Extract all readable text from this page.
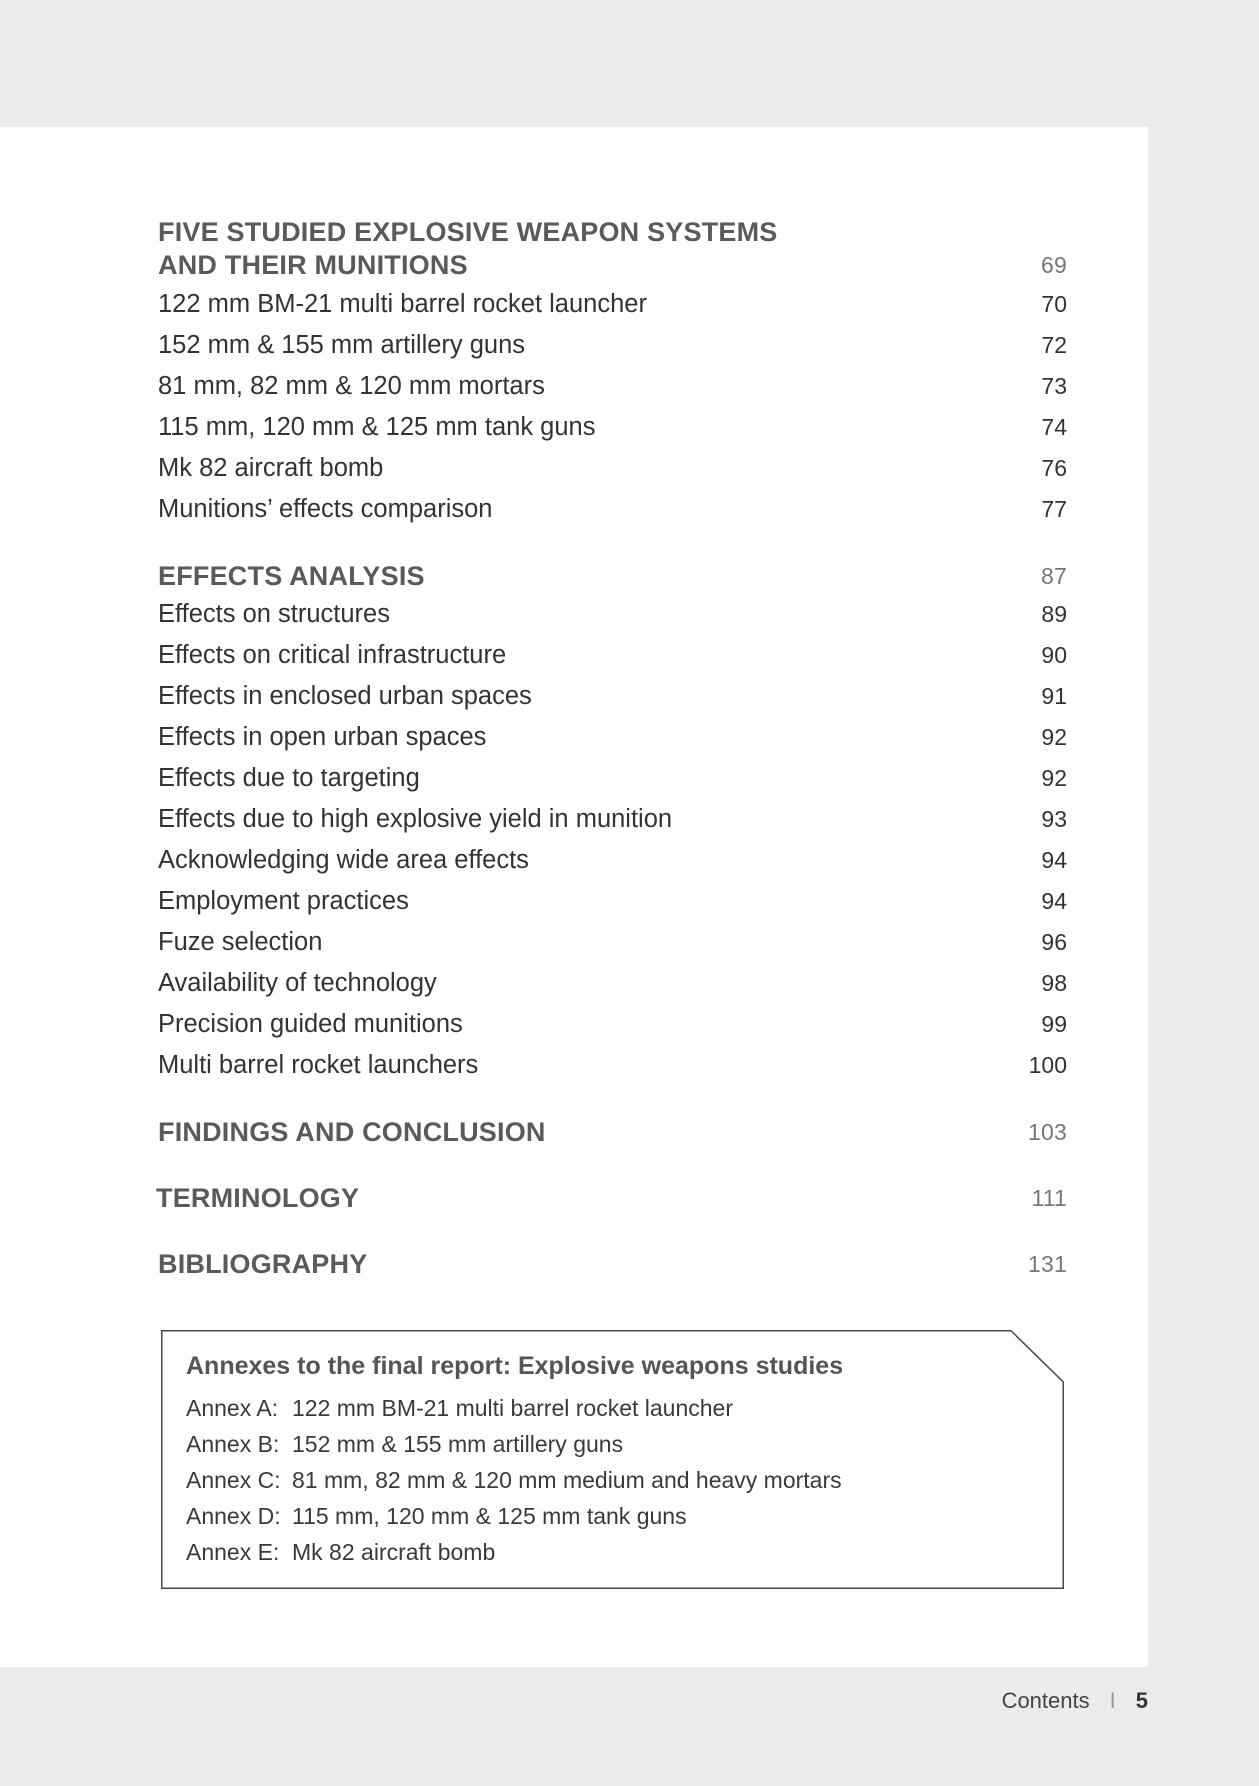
FIVE STUDIED EXPLOSIVE WEAPON SYSTEMS
AND THEIR MUNITIONS	69
122 mm BM-21 multi barrel rocket launcher	70
152 mm & 155 mm artillery guns	72
81 mm, 82 mm & 120 mm mortars	73
115 mm, 120 mm & 125 mm tank guns	74
Mk 82 aircraft bomb	76
Munitions’ effects comparison	77
EFFECTS ANALYSIS	87
Effects on structures	89
Effects on critical infrastructure	90
Effects in enclosed urban spaces	91
Effects in open urban spaces	92
Effects due to targeting	92
Effects due to high explosive yield in munition	93
Acknowledging wide area effects	94
Employment practices	94
Fuze selection	96
Availability of technology	98
Precision guided munitions	99
Multi barrel rocket launchers	100
FINDINGS AND CONCLUSION	103
TERMINOLOGY	111
BIBLIOGRAPHY	131
Annexes to the final report: Explosive weapons studies
Annex A: 122 mm BM-21 multi barrel rocket launcher
Annex B: 152 mm & 155 mm artillery guns
Annex C: 81 mm, 82 mm & 120 mm medium and heavy mortars
Annex D: 115 mm, 120 mm & 125 mm tank guns
Annex E: Mk 82 aircraft bomb
Contents I 5
